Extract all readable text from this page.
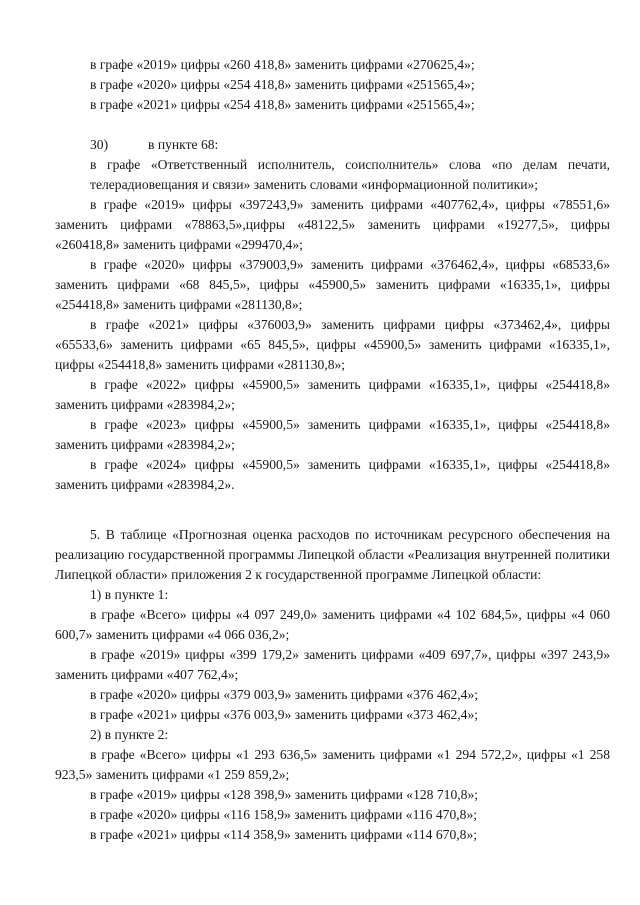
в графе «2019» цифры «260 418,8» заменить цифрами «270625,4»;

в графе «2020» цифры «254 418,8» заменить цифрами «251565,4»;

в графе «2021» цифры «254 418,8» заменить цифрами «251565,4»;

30)	в пункте 68:

в графе «Ответственный исполнитель, соисполнитель» слова «по делам печати, телерадиовещания и связи» заменить словами «информационной политики»;

в графе «2019» цифры «397243,9» заменить цифрами «407762,4», цифры «78551,6» заменить цифрами «78863,5»,цифры «48122,5» заменить цифрами «19277,5», цифры «260418,8» заменить цифрами «299470,4»;

в графе «2020» цифры «379003,9» заменить цифрами «376462,4», цифры «68533,6» заменить цифрами «68 845,5», цифры «45900,5» заменить цифрами «16335,1», цифры «254418,8» заменить цифрами «281130,8»;

в графе «2021» цифры «376003,9» заменить цифрами цифры «373462,4», цифры «65533,6» заменить цифрами «65 845,5», цифры «45900,5» заменить цифрами «16335,1», цифры «254418,8» заменить цифрами «281130,8»;

в графе «2022» цифры «45900,5» заменить цифрами «16335,1», цифры «254418,8» заменить цифрами «283984,2»;

в графе «2023» цифры «45900,5» заменить цифрами «16335,1», цифры «254418,8» заменить цифрами «283984,2»;

в графе «2024» цифры «45900,5» заменить цифрами «16335,1», цифры «254418,8» заменить цифрами «283984,2».

5. В таблице «Прогнозная оценка расходов по источникам ресурсного обеспечения на реализацию государственной программы Липецкой области «Реализация внутренней политики Липецкой области» приложения 2 к государственной программе Липецкой области:

1) в пункте 1:

в графе «Всего» цифры «4 097 249,0» заменить цифрами «4 102 684,5», цифры «4 060 600,7» заменить цифрами «4 066 036,2»;

в графе «2019» цифры «399 179,2» заменить цифрами «409 697,7», цифры «397 243,9» заменить цифрами «407 762,4»;

в графе «2020» цифры «379 003,9» заменить цифрами «376 462,4»;

в графе «2021» цифры «376 003,9» заменить цифрами «373 462,4»;

2) в пункте 2:

в графе «Всего» цифры «1 293 636,5» заменить цифрами «1 294 572,2», цифры «1 258 923,5» заменить цифрами «1 259 859,2»;

в графе «2019» цифры «128 398,9» заменить цифрами «128 710,8»;

в графе «2020» цифры «116 158,9» заменить цифрами «116 470,8»;

в графе «2021» цифры «114 358,9» заменить цифрами «114 670,8»;
